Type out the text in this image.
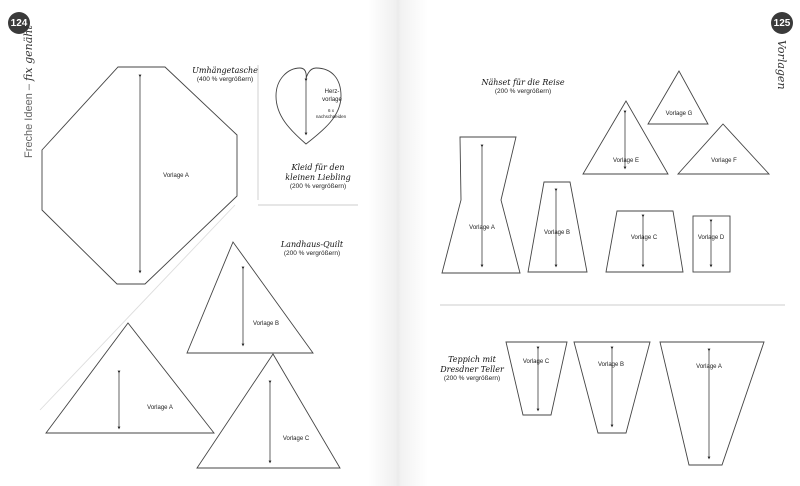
124
Freche Ideen – fix genäht
125
Vorlagen
Vorlage A
Herz-
vorlage
6 x
nachschneiden
Vorlage B
Vorlage A
Vorlage C
Vorlage A
Vorlage B
Vorlage C	Vorlage D
Vorlage E	Vorlage F
Vorlage G
Vorlage C	Vorlage B	Vorlage A
Umhängetasche
(400 % vergrößern)
Kleid für den
kleinen Liebling
(200 % vergrößern)
Landhaus-Quilt
(200 % vergrößern)
Nähset für die Reise
(200 % vergrößern)
Teppich mit
Dresdner Teller
(200 % vergrößern)
